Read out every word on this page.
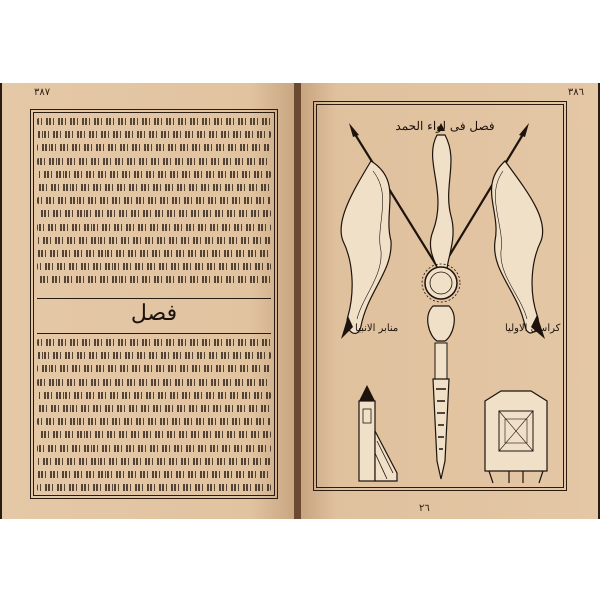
٣٨٧
فصل
٣٨٦
فصل فى لواء الحمد
منابر الانبيا	كراسى الاوليا
٢٦
